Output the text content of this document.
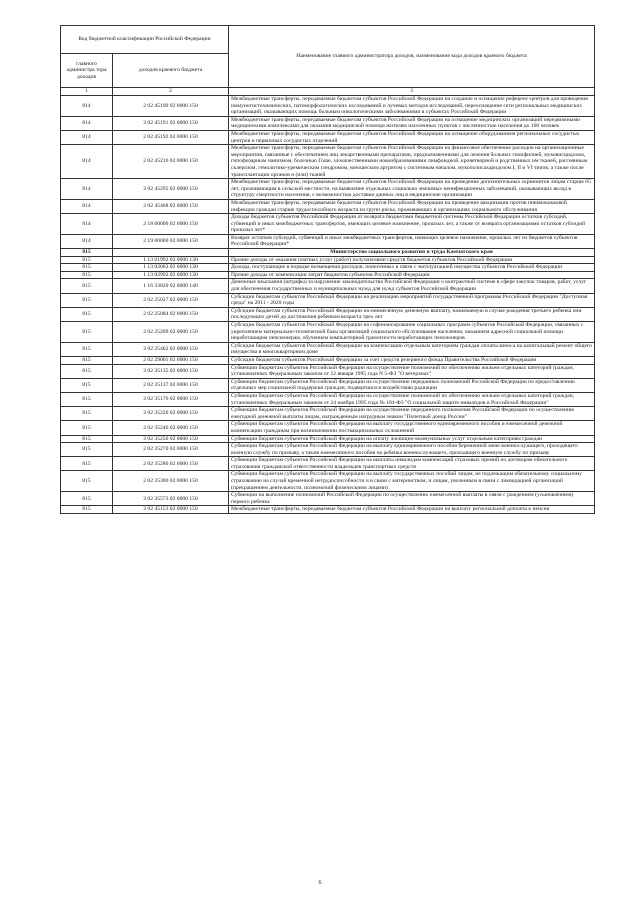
Код бюджетной классификации Российской Федерации		Наименование главного администратора доходов, наименование кода доходов краевого бюджета
главного администра тора доходов	доходов краевого бюджета	
1	2	3
814	2 02 45190 02 0000 150	Межбюджетные трансферты, передаваемые бюджетам субъектов Российской Федерации на создание и оснащение референс-центров для проведения иммуногистохимических, патоморфологических исследований и лучевых методов исследований, переоснащение сети региональных медицинских организаций, оказывающих помощь больным онкологическими заболеваниями в субъектах Российской Федерации
814	2 02 45191 02 0000 150	Межбюджетные трансферты, передаваемые бюджетам субъектов Российской Федерации на оснащение медицинских организаций передвижными медицинскими комплексами для оказания медицинской помощи жителям населенных пунктов с численностью населения до 100 человек
814	2 02 45192 02 0000 150	Межбюджетные трансферты, передаваемые бюджетам субъектов Российской Федерации на оснащение оборудованием региональных сосудистых центров и первичных сосудистых отделений
814	2 02 45216 02 0000 150	Межбюджетные трансферты, передаваемые бюджетам субъектов Российской Федерации на финансовое обеспечение расходов на организационные мероприятия, связанные с обеспечением лиц лекарственными препаратами, предназначенными для лечения больных гемофилией, муковисцидозом, гипофизарным нанизмом, болезнью Гоше, злокачественными новообразованиями лимфоидной, кроветворной и родственных им тканей, рассеянным склерозом, гемолитико-уремическим синдромом, юношеским артритом с системным началом, мукополисахаридозом I, II и VI типов, а также после трансплантации органов и (или) тканей
814	2 02 45295 02 0000 150	Межбюджетные трансферты, передаваемые бюджетам субъектов Российской Федерации на проведение дополнительных скринингов лицам старше 65 лет, проживающим в сельской местности, на выявление отдельных социально значимых неинфекционных заболеваний, оказывающих вклад в структуру смертности населения, с возможностью доставки данных лиц в медицинские организации
814	2 02 45468 02 0000 150	Межбюджетные трансферты, передаваемые бюджетам субъектов Российской Федерации на проведение вакцинации против пневмококковой инфекции граждан старше трудоспособного возраста из групп риска, проживающих в организациях социального обслуживания
814	2 18 00000 02 0000 150	Доходы бюджетов субъектов Российской Федерации от возврата бюджетами бюджетной системы Российской Федерации остатков субсидий, субвенций и иных межбюджетных трансфертов, имеющих целевое назначение, прошлых лет, а также от возврата организациями остатков субсидий прошлых лет*
814	2 19 00000 02 0000 150	Возврат остатков субсидий, субвенций и иных межбюджетных трансфертов, имеющих целевое назначение, прошлых лет из бюджетов субъектов Российской Федерации*
815		Министерство социального развития и труда Камчатского края
815	1 13 01992 02 0000 130	Прочие доходы от оказания платных услуг (работ) получателями средств бюджетов субъектов Российской Федерации
815	1 13 02062 02 0000 130	Доходы, поступающие в порядке возмещения расходов, понесенных в связи с эксплуатацией имущества субъектов Российской Федерации
815	1 13 02992 02 0000 130	Прочие доходы от компенсации затрат бюджетов субъектов Российской Федерации
815	1 16 33020 02 0000 140	Денежные взыскания (штрафы) за нарушение законодательства Российской Федерации о контрактной системе в сфере закупок товаров, работ, услуг для обеспечения государственных и муниципальных нужд для нужд субъектов Российской Федерации
815	2 02 25027 02 0000 150	Субсидии бюджетам субъектов Российской Федерации на реализацию мероприятий государственной программы Российской Федерации "Доступная среда" на 2011 - 2020 годы
815	2 02 25084 02 0000 150	Субсидии бюджетам субъектов Российской Федерации на ежемесячную денежную выплату, назначаемую в случае рождения третьего ребенка или последующих детей до достижения ребенком возраста трех лет
815	2 02 25209 02 0000 150	Субсидии бюджетам субъектов Российской Федерации на софинансирование социальных программ субъектов Российской Федерации, связанных с укреплением материально-технической базы организаций социального обслуживания населения, оказанием адресной социальной помощи неработающим пенсионерам, обучением компьютерной грамотности неработающих пенсионеров
815	2 02 25462 02 0000 150	Субсидии бюджетам субъектов Российской Федерации на компенсацию отдельным категориям граждан оплаты взноса на капитальный ремонт общего имущества в многоквартирном доме
815	2 02 29001 02 0000 150	Субсидии бюджетам субъектов Российской Федерации за счет средств резервного фонда Правительства Российской Федерации
815	2 02 35135 02 0000 150	Субвенции бюджетам субъектов Российской Федерации на осуществление полномочий по обеспечению жильем отдельных категорий граждан, установленных Федеральным законом от 12 января 1995 года N 5-ФЗ "О ветеранах"
815	2 02 35137 02 0000 150	Субвенции бюджетам субъектов Российской Федерации на осуществление переданных полномочий Российской Федерации по предоставлению отдельных мер социальной поддержки граждан, подвергшихся воздействию радиации
815	2 02 35176 02 0000 150	Субвенции бюджетам субъектов Российской Федерации на осуществление полномочий по обеспечению жильем отдельных категорий граждан, установленных Федеральным законом от 24 ноября 1995 года № 181-ФЗ "О социальной защите инвалидов в Российской Федерации"
815	2 02 35220 02 0000 150	Субвенции бюджетам субъектов Российской Федерации на осуществление переданного полномочия Российской Федерации по осуществлению ежегодной денежной выплаты лицам, награжденным нагрудным знаком "Почетный донор России"
815	2 02 35240 02 0000 150	Субвенции бюджетам субъектов Российской Федерации на выплату государственного единовременного пособия и ежемесячной денежной компенсации гражданам при возникновении поствакцинальных осложнений
815	2 02 35250 02 0000 150	Субвенции бюджетам субъектов Российской Федерации на оплату жилищно-коммунальных услуг отдельным категориям граждан
815	2 02 35270 02 0000 150	Субвенции бюджетам субъектов Российской Федерации на выплату единовременного пособия беременной жене военнослужащего, проходящего военную службу по призыву, а также ежемесячного пособия на ребенка военнослужащего, проходящего военную службу по призыву
815	2 02 35280 02 0000 150	Субвенции бюджетам субъектов Российской Федерации на выплаты инвалидам компенсаций страховых премий по договорам обязательного страхования гражданской ответственности владельцев транспортных средств
815	2 02 35380 02 0000 150	Субвенции бюджетам субъектов Российской Федерации на выплату государственных пособий лицам, не подлежащим обязательному социальному страхованию на случай временной нетрудоспособности и в связи с материнством, и лицам, уволенным в связи с ликвидацией организаций (прекращением деятельности, полномочий физическими лицами)
815	2 02 35573 02 0000 150	Субвенции на выполнение полномочий Российской Федерации по осуществлению ежемесячной выплаты в связи с рождением (усыновлением) первого ребенка
815	2 02 45153 02 0000 150	Межбюджетные трансферты, передаваемые бюджетам субъектов Российской Федерации на выплату региональной доплаты к пенсии
6
